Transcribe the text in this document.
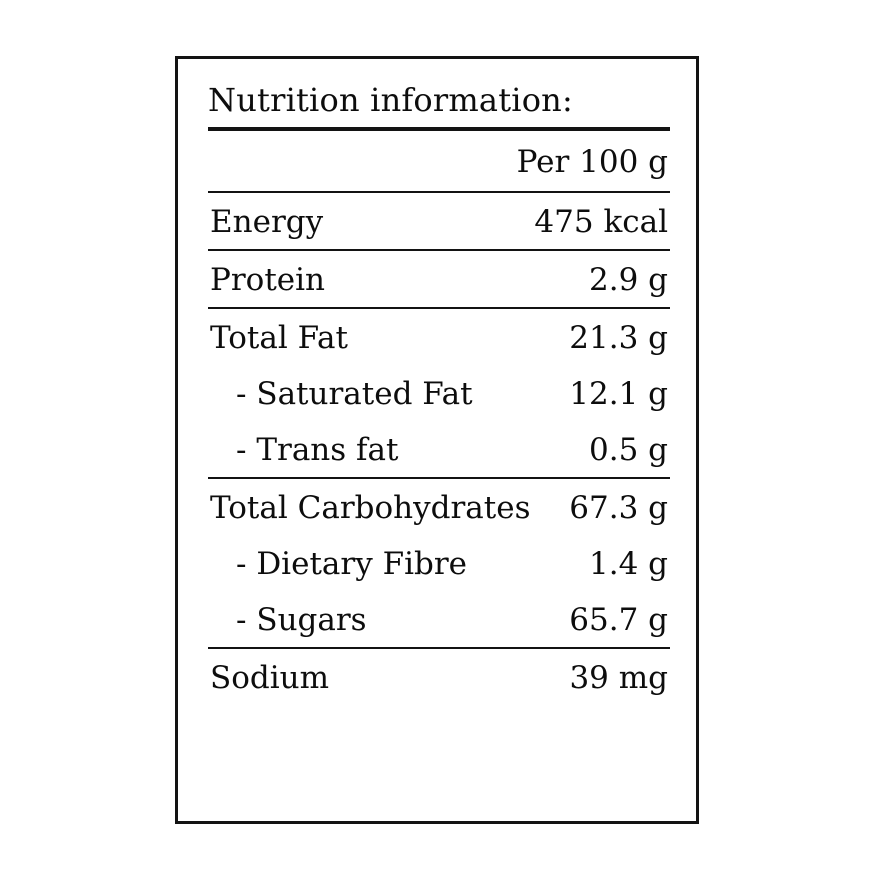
Nutrition information:
Per 100 g
Energy	475 kcal
Protein	2.9 g
Total Fat	21.3 g
- Saturated Fat	12.1 g
- Trans fat	0.5 g
Total Carbohydrates 67.3 g
- Dietary Fibre	1.4 g
- Sugars	65.7 g
Sodium	39 mg
